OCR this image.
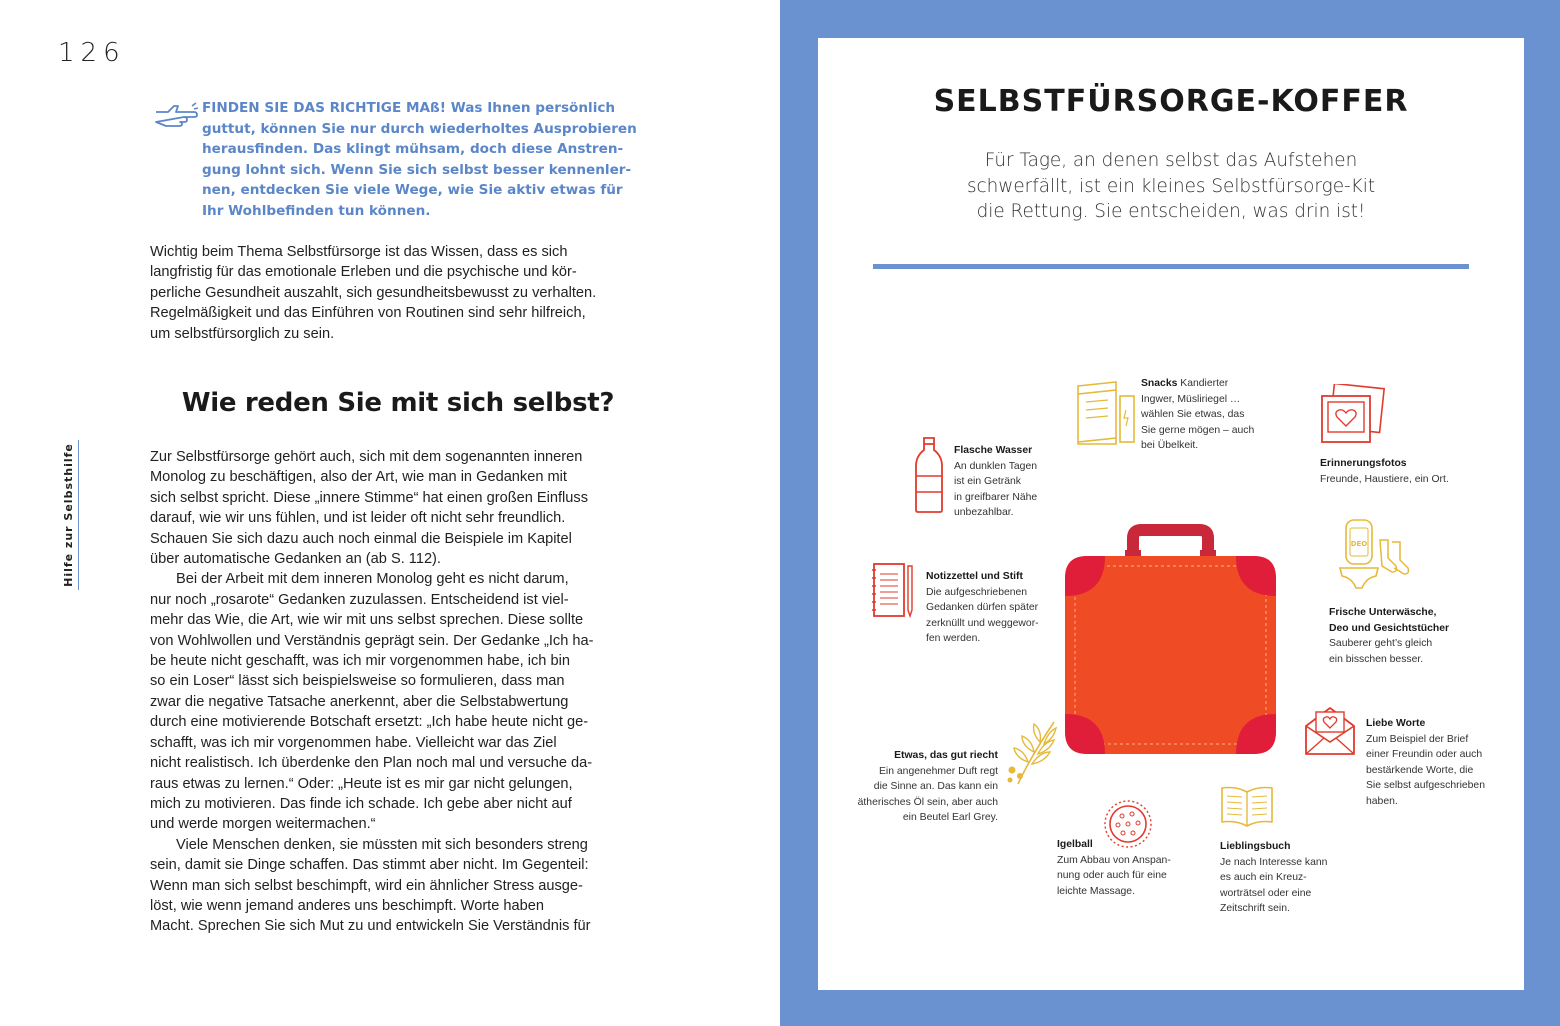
126
Hilfe zur Selbsthilfe
FINDEN SIE DAS RICHTIGE MAß! Was Ihnen persönlich
guttut, können Sie nur durch wiederholtes Ausprobieren
herausfinden. Das klingt mühsam, doch diese Anstren-
gung lohnt sich. Wenn Sie sich selbst besser kennenler-
nen, entdecken Sie viele Wege, wie Sie aktiv etwas für
Ihr Wohlbefinden tun können.
Wichtig beim Thema Selbstfürsorge ist das Wissen, dass es sich
langfristig für das emotionale Erleben und die psychische und kör-
perliche Gesundheit auszahlt, sich gesundheitsbewusst zu verhalten.
Regelmäßigkeit und das Einführen von Routinen sind sehr hilfreich,
um selbstfürsorglich zu sein.
Wie reden Sie mit sich selbst?
Zur Selbstfürsorge gehört auch, sich mit dem sogenannten inneren
Monolog zu beschäftigen, also der Art, wie man in Gedanken mit
sich selbst spricht. Diese „innere Stimme“ hat einen großen Einfluss
darauf, wie wir uns fühlen, und ist leider oft nicht sehr freundlich.
Schauen Sie sich dazu auch noch einmal die Beispiele im Kapitel
über automatische Gedanken an (ab S. 112).
Bei der Arbeit mit dem inneren Monolog geht es nicht darum,
nur noch „rosarote“ Gedanken zuzulassen. Entscheidend ist viel-
mehr das Wie, die Art, wie wir mit uns selbst sprechen. Diese sollte
von Wohlwollen und Verständnis geprägt sein. Der Gedanke „Ich ha-
be heute nicht geschafft, was ich mir vorgenommen habe, ich bin
so ein Loser“ lässt sich beispielsweise so formulieren, dass man
zwar die negative Tatsache anerkennt, aber die Selbstabwertung
durch eine motivierende Botschaft ersetzt: „Ich habe heute nicht ge-
schafft, was ich mir vorgenommen habe. Vielleicht war das Ziel
nicht realistisch. Ich überdenke den Plan noch mal und versuche da-
raus etwas zu lernen.“ Oder: „Heute ist es mir gar nicht gelungen,
mich zu motivieren. Das finde ich schade. Ich gebe aber nicht auf
und werde morgen weitermachen.“
Viele Menschen denken, sie müssten mit sich besonders streng
sein, damit sie Dinge schaffen. Das stimmt aber nicht. Im Gegenteil:
Wenn man sich selbst beschimpft, wird ein ähnlicher Stress ausge-
löst, wie wenn jemand anderes uns beschimpft. Worte haben
Macht. Sprechen Sie sich Mut zu und entwickeln Sie Verständnis für
SELBSTFÜRSORGE-KOFFER
Für Tage, an denen selbst das Aufstehen
schwerfällt, ist ein kleines Selbstfürsorge-Kit
die Rettung. Sie entscheiden, was drin ist!
Snacks Kandierter
Ingwer, Müsliriegel …
wählen Sie etwas, das
Sie gerne mögen – auch
bei Übelkeit.
Flasche Wasser
An dunklen Tagen
ist ein Getränk
in greifbarer Nähe
unbezahlbar.
Erinnerungsfotos
Freunde, Haustiere, ein Ort.
Notizzettel und Stift
Die aufgeschriebenen
Gedanken dürfen später
zerknüllt und weggewor-
fen werden.
DEO
Frische Unterwäsche,
Deo und Gesichtstücher
Sauberer geht’s gleich
ein bisschen besser.
Liebe Worte
Zum Beispiel der Brief
einer Freundin oder auch
bestärkende Worte, die
Sie selbst aufgeschrieben
haben.
Etwas, das gut riecht
Ein angenehmer Duft regt
die Sinne an. Das kann ein
ätherisches Öl sein, aber auch
ein Beutel Earl Grey.
Igelball
Zum Abbau von Anspan-
nung oder auch für eine
leichte Massage.
Lieblingsbuch
Je nach Interesse kann
es auch ein Kreuz-
worträtsel oder eine
Zeitschrift sein.
